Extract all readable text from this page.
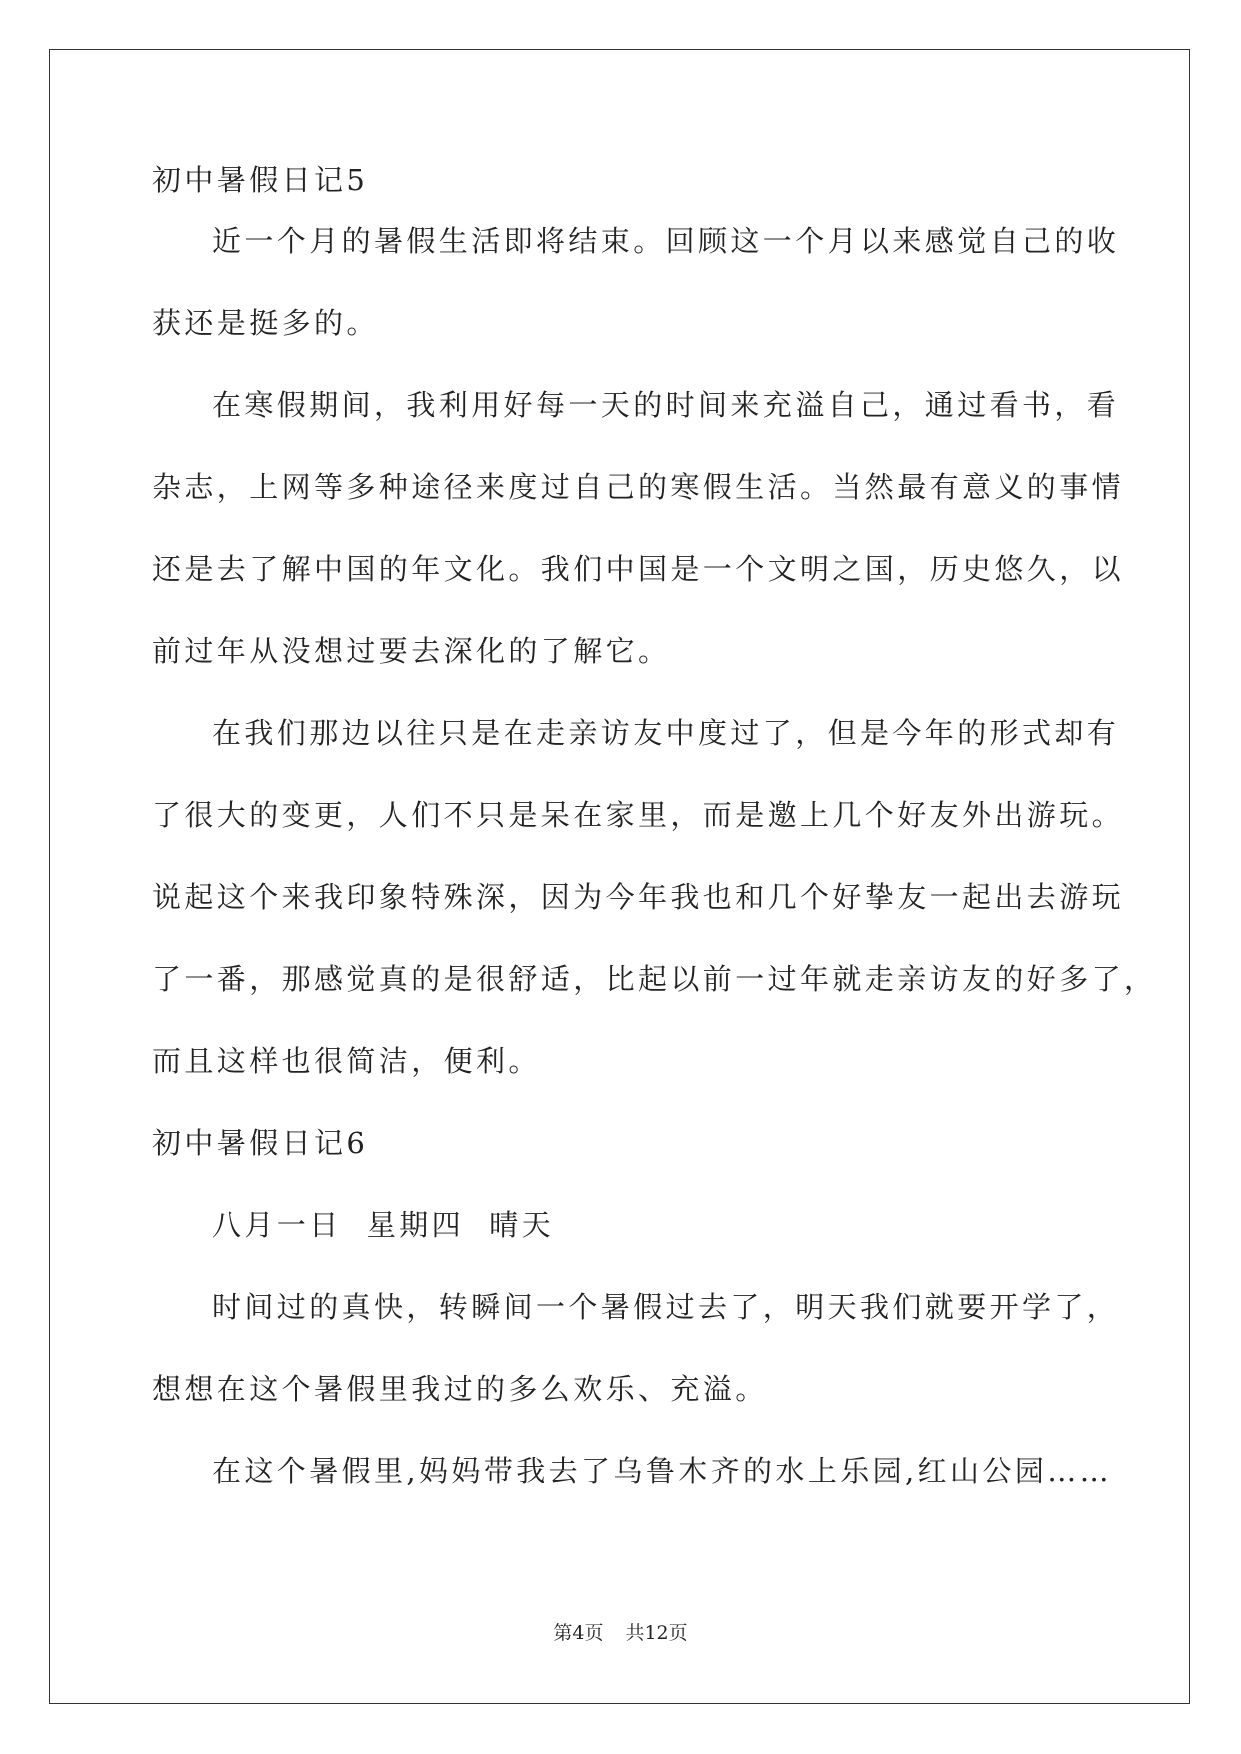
初中暑假日记5
近一个月的暑假生活即将结束。回顾这一个月以来感觉自己的收
获还是挺多的。
在寒假期间，我利用好每一天的时间来充溢自己，通过看书，看
杂志，上网等多种途径来度过自己的寒假生活。当然最有意义的事情
还是去了解中国的年文化。我们中国是一个文明之国，历史悠久，以
前过年从没想过要去深化的了解它。
在我们那边以往只是在走亲访友中度过了，但是今年的形式却有
了很大的变更，人们不只是呆在家里，而是邀上几个好友外出游玩。
说起这个来我印象特殊深，因为今年我也和几个好挚友一起出去游玩
了一番，那感觉真的是很舒适，比起以前一过年就走亲访友的好多了，
而且这样也很简洁，便利。
初中暑假日记6
八月一日  星期四  晴天
时间过的真快，转瞬间一个暑假过去了，明天我们就要开学了，
想想在这个暑假里我过的多么欢乐、充溢。
在这个暑假里,妈妈带我去了乌鲁木齐的水上乐园,红山公园……
第4页 共12页
